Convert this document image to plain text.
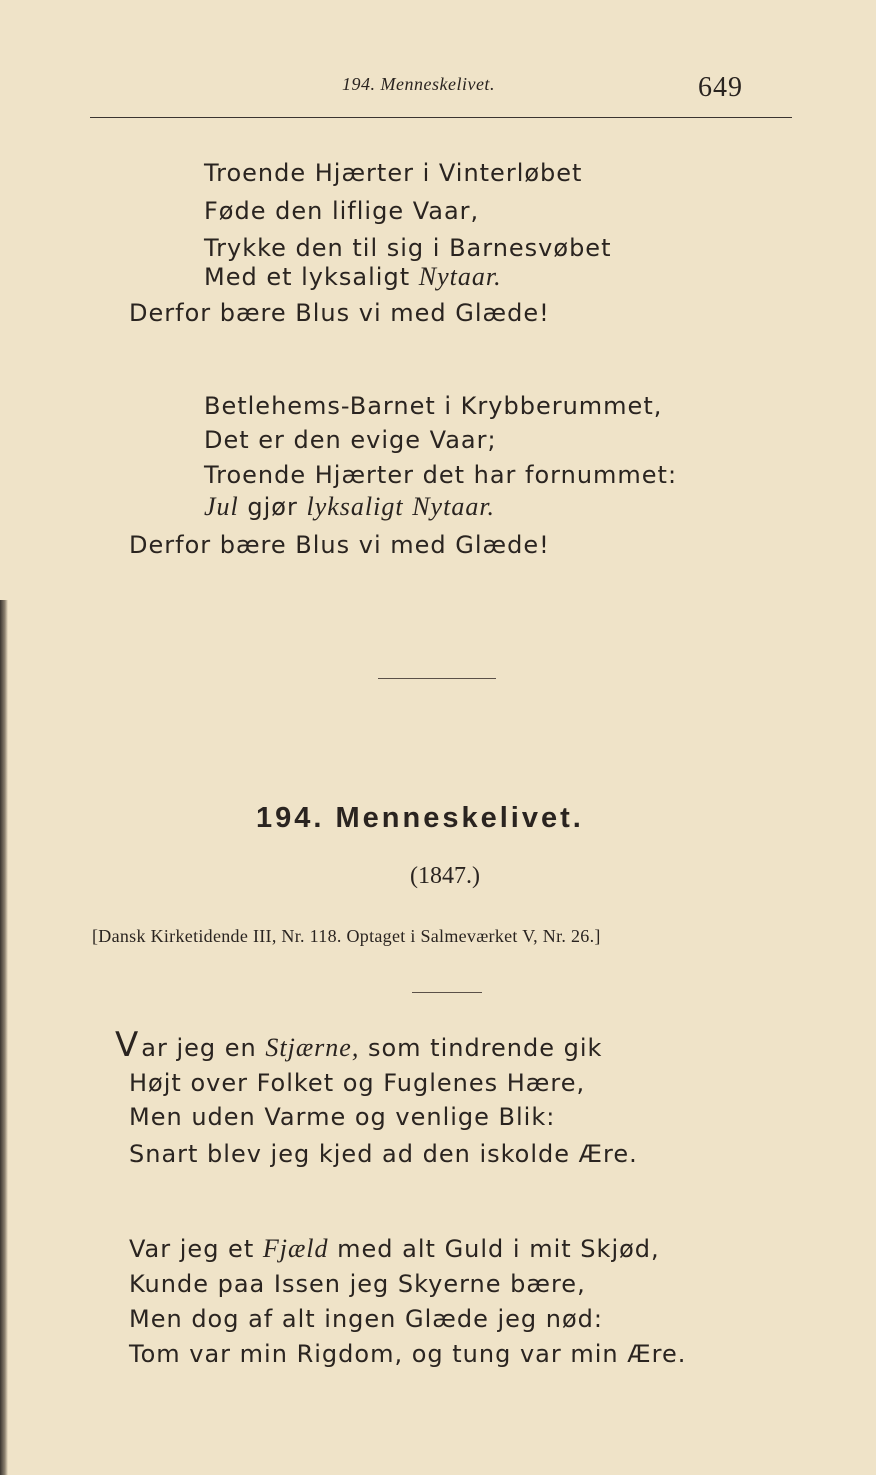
194. Menneskelivet.	649
Troende Hjærter i Vinterløbet
Føde den liflige Vaar,
Trykke den til sig i Barnesvøbet
Med et lyksaligt Nytaar.
Derfor bære Blus vi med Glæde!
Betlehems-Barnet i Krybberummet,
Det er den evige Vaar;
Troende Hjærter det har fornummet:
Jul gjør lyksaligt Nytaar.
Derfor bære Blus vi med Glæde!
194. Menneskelivet.
(1847.)
[Dansk Kirketidende III, Nr. 118. Optaget i Salmeværket V, Nr. 26.]
Var jeg en Stjærne, som tindrende gik
Højt over Folket og Fuglenes Hære,
Men uden Varme og venlige Blik:
Snart blev jeg kjed ad den iskolde Ære.
Var jeg et Fjæld med alt Guld i mit Skjød,
Kunde paa Issen jeg Skyerne bære,
Men dog af alt ingen Glæde jeg nød:
Tom var min Rigdom, og tung var min Ære.
